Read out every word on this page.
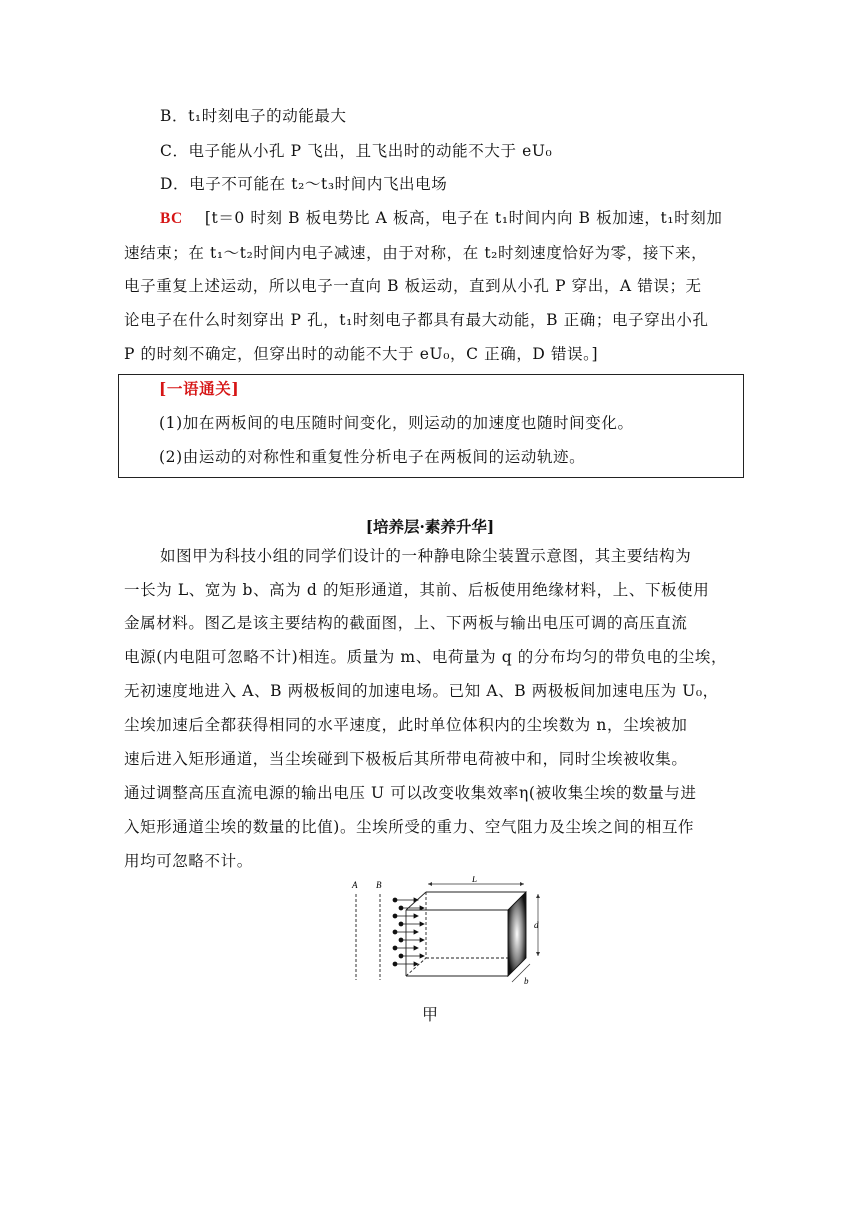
B．t₁时刻电子的动能最大
C．电子能从小孔 P 飞出，且飞出时的动能不大于 eU₀
D．电子不可能在 t₂～t₃时间内飞出电场
BC [t＝0 时刻 B 板电势比 A 板高，电子在 t₁时间内向 B 板加速，t₁时刻加
速结束；在 t₁～t₂时间内电子减速，由于对称，在 t₂时刻速度恰好为零，接下来，
电子重复上述运动，所以电子一直向 B 板运动，直到从小孔 P 穿出，A 错误；无
论电子在什么时刻穿出 P 孔，t₁时刻电子都具有最大动能，B 正确；电子穿出小孔
P 的时刻不确定，但穿出时的动能不大于 eU₀，C 正确，D 错误。]
[一语通关]
(1)加在两板间的电压随时间变化，则运动的加速度也随时间变化。
(2)由运动的对称性和重复性分析电子在两板间的运动轨迹。
[培养层·素养升华]
如图甲为科技小组的同学们设计的一种静电除尘装置示意图，其主要结构为
一长为 L、宽为 b、高为 d 的矩形通道，其前、后板使用绝缘材料，上、下板使用
金属材料。图乙是该主要结构的截面图，上、下两板与输出电压可调的高压直流
电源(内电阻可忽略不计)相连。质量为 m、电荷量为 q 的分布均匀的带负电的尘埃，
无初速度地进入 A、B 两极板间的加速电场。已知 A、B 两极板间加速电压为 U₀，
尘埃加速后全都获得相同的水平速度，此时单位体积内的尘埃数为 n，尘埃被加
速后进入矩形通道，当尘埃碰到下极板后其所带电荷被中和，同时尘埃被收集。
通过调整高压直流电源的输出电压 U 可以改变收集效率η(被收集尘埃的数量与进
入矩形通道尘埃的数量的比值)。尘埃所受的重力、空气阻力及尘埃之间的相互作
用均可忽略不计。
A B
L
d
b
甲
